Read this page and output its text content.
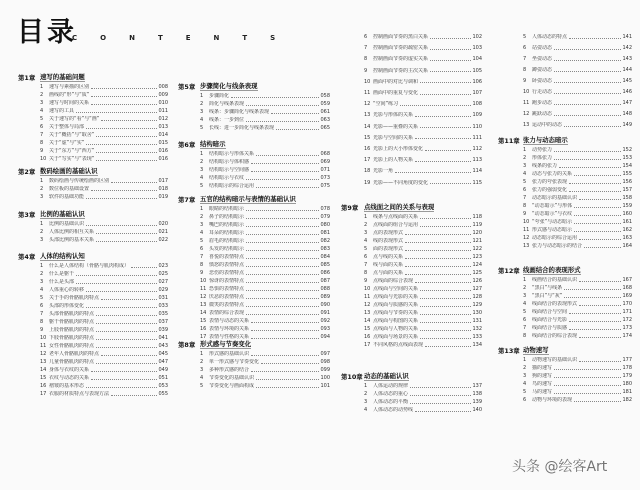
目录
CONTENTS
第1章 速写的基础问题
1	速写与素描的区别	008
2	画线的“形”与“质”	009
3	速写与时间的关系	010
4	速写的工具	011
5	关于速写的“看”与“画”	012
6	关于整体与局部	013
7	关于“概括”与“取舍”	014
8	关于“虚”与“实”	015
9	关于“东方”与“西方”	016
10 关于“写实”与“表现”	016
第2章 数码绘画的基础认识
1	数码绘画与传统绘画的区别	017
2	数位板的基础设置	018
3	软件的基础功能	019
第3章 比例的基础认识
1	比例的基础认识	020
2	人体比例的相互关系	021
3	头部比例的基本关系	022
第4章 人体的结构认知
1	什么是人体结构（骨骼与肌肉构成）	023
2	什么是躯干	025
3	什么是头部	027
4	人体重心的转移	029
5	关于手的骨骼肌肉特点	031
6	头部的形体变化	033
7	头部骨骼肌肉的特点	035
8	躯干骨骼肌肉的特点	037
9	上肢骨骼肌肉的特点	039
10 下肢骨骼肌肉的特点	041
11 女性骨骼肌肉的特点	043
12 老年人骨骼肌肉的特点	045
13 儿童骨骼肌肉的特点	047
14 身体与衣纹的关系	049
15 衣纹与动态的关系	051
16 褶皱的基本形态	053
17 衣服的材质特点与表现方法	055
第5章 步骤简化与线条表现
1	步骤简化	058
2	简化与线条表现	059
3	线条：步骤简化与线条表现	061
4	线条：一步到位	063
5	长线：进一步简化与线条表现	065
第6章 结构暗示
1	结构暗示与形体关系	068
2	结构暗示与体积感	069
3	结构暗示与空间感	071
4	结构暗示与衣纹	073
5	结构暗示的综合运用	075
第7章 五官的结构暗示与表情的基础认识
1	眼睛的结构暗示	078
2	鼻子的结构暗示	079
3	嘴巴的结构暗示	080
4	耳朵的结构暗示	081
5	眉毛的结构暗示	082
6	头发的结构暗示	083
7	喜悦的表情特点	084
8	愤怒的表情特点	085
9	悲伤的表情特点	086
10 惊讶的表情特点	087
11 恐惧的表情特点	088
12 厌恶的表情特点	089
13 微笑的表情特点	090
14 表情的综合表现	091
15 表情与动态的关系	092
16 表情与环境的关系	093
17 表情与性格的关系	094
第8章 形式感与节奏变化
1	形式感的基础认识	097
2	单一形式感与节奏变化	098
3	多种形式感的结合	099
4	节奏变化的基础认识	100
5	节奏变化与画面构成	101
6	控制画面节奏的黑白关系	102
7	控制画面节奏的疏密关系	103
8	控制画面节奏的虚实关系	104
9	控制画面节奏的主次关系	105
10 画面中的对比与调和	106
11 画面中的重复与变化	107
12 “空间”练习	108
13 光影与形体的关系	109
14 光影——重叠的关系	110
15 光影与空间的关系	111
16 光影上的大小形体变化	112
17 光影上的人物关系	113
18 光影一角	114
19 光影——不同角度的变化	115
第9章 点线面之间的关系与表现
1	线条与点线面的关系	118
2	点线面的组合与运用	119
3	点的表现形式	120
4	线的表现形式	121
5	面的表现形式	122
6	点与线的关系	123
7	线与面的关系	124
8	点与面的关系	125
9	点线面的综合表现	126
10 点线面与空间的关系	127
11 点线面与光影的关系	128
12 点线面与质感的关系	129
13 点线面与节奏的关系	130
14 点线面与构图的关系	131
15 点线面与人物的关系	132
16 点线面与场景的关系	133
17 不同风格的点线面表现	134
第10章 动态的基础认识
1	人体运动的规律	137
2	人体动态的重心	138
3	人体动态的平衡	139
4	人体动态的动势线	140
5	人体动态的特点	141
6	站姿动态	142
7	坐姿动态	143
8	蹲姿动态	144
9	卧姿动态	145
10 行走动态	146
11 跑步动态	147
12 跳跃动态	148
13 运动中的动态	149
第11章 张力与动态暗示
1	动势张力	152
2	形体张力	153
3	线条的张力	154
4	动态与张力的关系	155
5	张力的夸张表现	156
6	张力的强弱变化	157
7	动态暗示的基础认识	158
8	“动态暗示”与形体	159
9	“动态暗示”与衣纹	160
10 “夸张”与动态暗示	161
11 形式感与动态暗示	162
12 动态暗示的综合运用	163
13 张力与动态暗示的结合	164
第12章 线画结合的表现形式
1	线画结合的基础认识	167
2	“黑白”与线条	168
3	“黑白”与“灰”	169
4	线面结合的表现形式	170
5	线面结合与空间	171
6	线面结合与光影	172
7	线面结合与质感	173
8	线面结合的综合表现	174
第13章 动物速写
1	动物速写的基础认识	177
2	猫的速写	178
3	狗的速写	179
4	鸟的速写	180
5	马的速写	181
6	动物与环境的表现	182
头条 @绘客Art
